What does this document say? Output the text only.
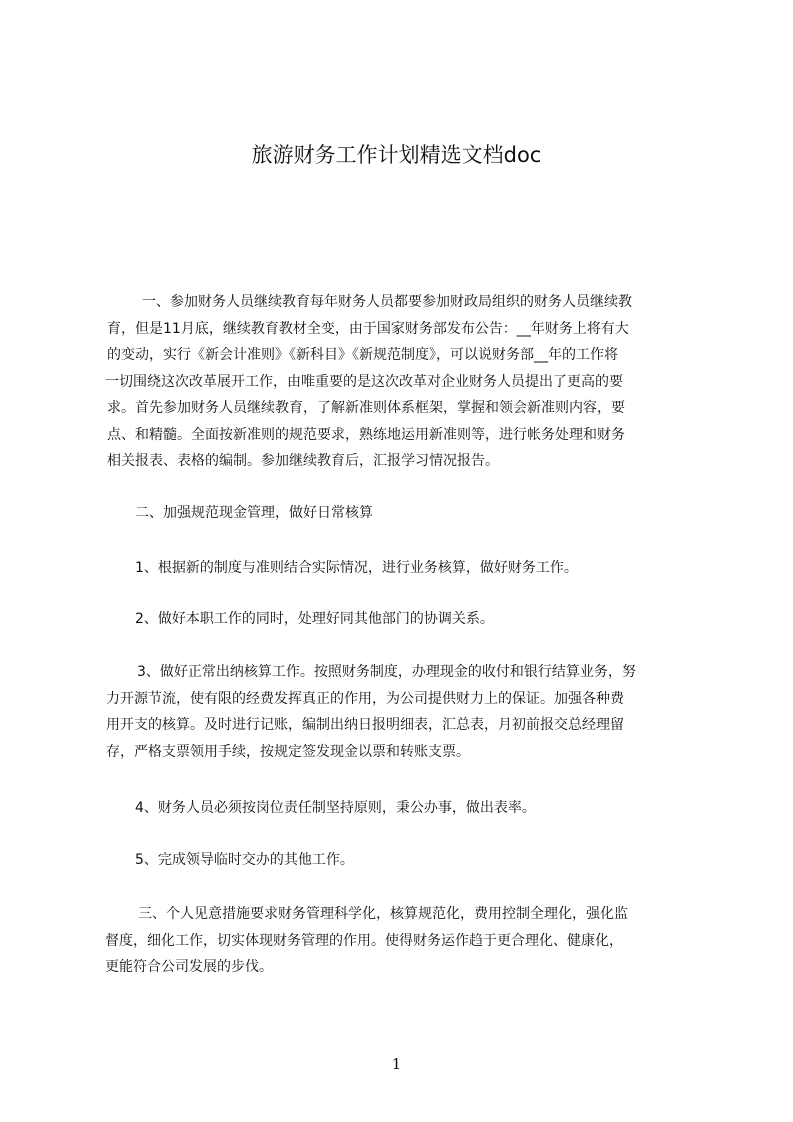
旅游财务工作计划精选文档doc
一、参加财务人员继续教育每年财务人员都要参加财政局组织的财务人员继续教
育，但是11月底，继续教育教材全变，由于国家财务部发布公告：__年财务上将有大
的变动，实行《新会计准则》《新科目》《新规范制度》，可以说财务部__年的工作将
一切围绕这次改革展开工作，由唯重要的是这次改革对企业财务人员提出了更高的要
求。首先参加财务人员继续教育，了解新准则体系框架，掌握和领会新准则内容，要
点、和精髓。全面按新准则的规范要求，熟练地运用新准则等，进行帐务处理和财务
相关报表、表格的编制。参加继续教育后，汇报学习情况报告。
二、加强规范现金管理，做好日常核算
1、根据新的制度与准则结合实际情况，进行业务核算，做好财务工作。
2、做好本职工作的同时，处理好同其他部门的协调关系。
3、做好正常出纳核算工作。按照财务制度，办理现金的收付和银行结算业务，努
力开源节流，使有限的经费发挥真正的作用，为公司提供财力上的保证。加强各种费
用开支的核算。及时进行记账，编制出纳日报明细表，汇总表，月初前报交总经理留
存，严格支票领用手续，按规定签发现金以票和转账支票。
4、财务人员必须按岗位责任制坚持原则，秉公办事，做出表率。
5、完成领导临时交办的其他工作。
三、个人见意措施要求财务管理科学化，核算规范化，费用控制全理化，强化监
督度，细化工作，切实体现财务管理的作用。使得财务运作趋于更合理化、健康化，
更能符合公司发展的步伐。
1
